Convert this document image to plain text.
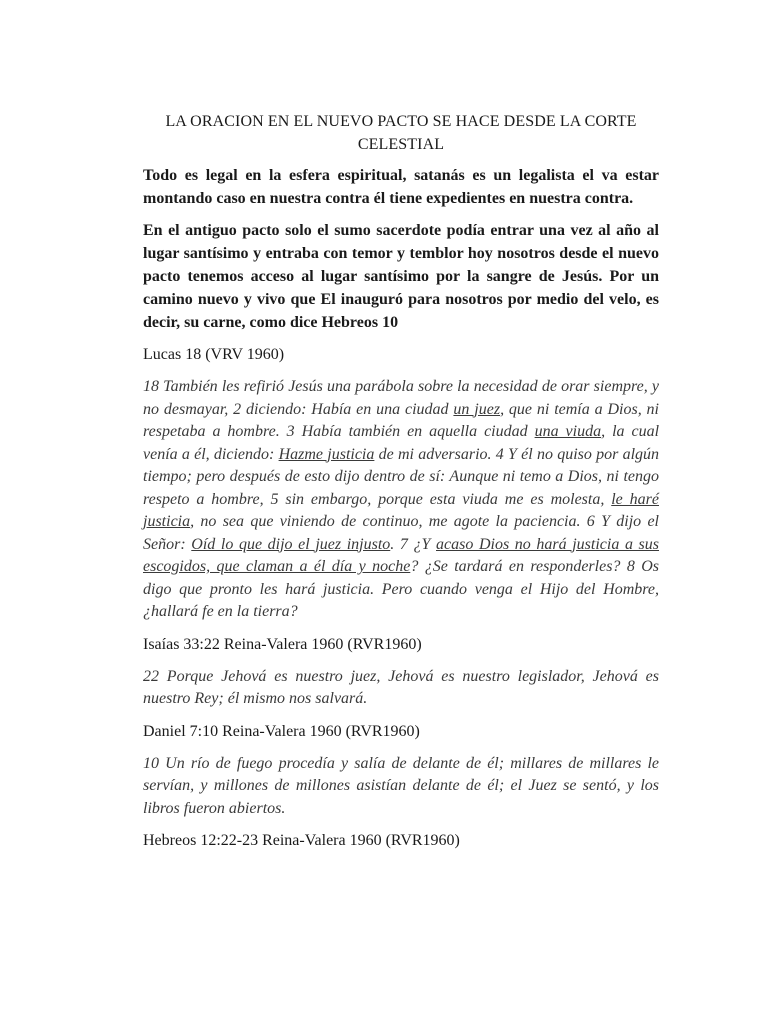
LA ORACION EN EL NUEVO PACTO SE HACE DESDE LA CORTE CELESTIAL

Todo es legal en la esfera espiritual, satanás es un legalista el va estar montando caso en nuestra contra él tiene expedientes en nuestra contra.

En el antiguo pacto solo el sumo sacerdote podía entrar una vez al año al lugar santísimo y entraba con temor y temblor hoy nosotros desde el nuevo pacto tenemos acceso al lugar santísimo por la sangre de Jesús. Por un camino nuevo y vivo que El inauguró para nosotros por medio del velo, es decir, su carne, como dice Hebreos 10

Lucas 18 (VRV 1960)

18 También les refirió Jesús una parábola sobre la necesidad de orar siempre, y no desmayar, 2 diciendo: Había en una ciudad un juez, que ni temía a Dios, ni respetaba a hombre. 3 Había también en aquella ciudad una viuda, la cual venía a él, diciendo: Hazme justicia de mi adversario. 4 Y él no quiso por algún tiempo; pero después de esto dijo dentro de sí: Aunque ni temo a Dios, ni tengo respeto a hombre, 5 sin embargo, porque esta viuda me es molesta, le haré justicia, no sea que viniendo de continuo, me agote la paciencia. 6 Y dijo el Señor: Oíd lo que dijo el juez injusto. 7 ¿Y acaso Dios no hará justicia a sus escogidos, que claman a él día y noche? ¿Se tardará en responderles? 8 Os digo que pronto les hará justicia. Pero cuando venga el Hijo del Hombre, ¿hallará fe en la tierra?

Isaías 33:22 Reina-Valera 1960 (RVR1960)

22 Porque Jehová es nuestro juez, Jehová es nuestro legislador, Jehová es nuestro Rey; él mismo nos salvará.

Daniel 7:10 Reina-Valera 1960 (RVR1960)

10 Un río de fuego procedía y salía de delante de él; millares de millares le servían, y millones de millones asistían delante de él; el Juez se sentó, y los libros fueron abiertos.

Hebreos 12:22-23 Reina-Valera 1960 (RVR1960)
